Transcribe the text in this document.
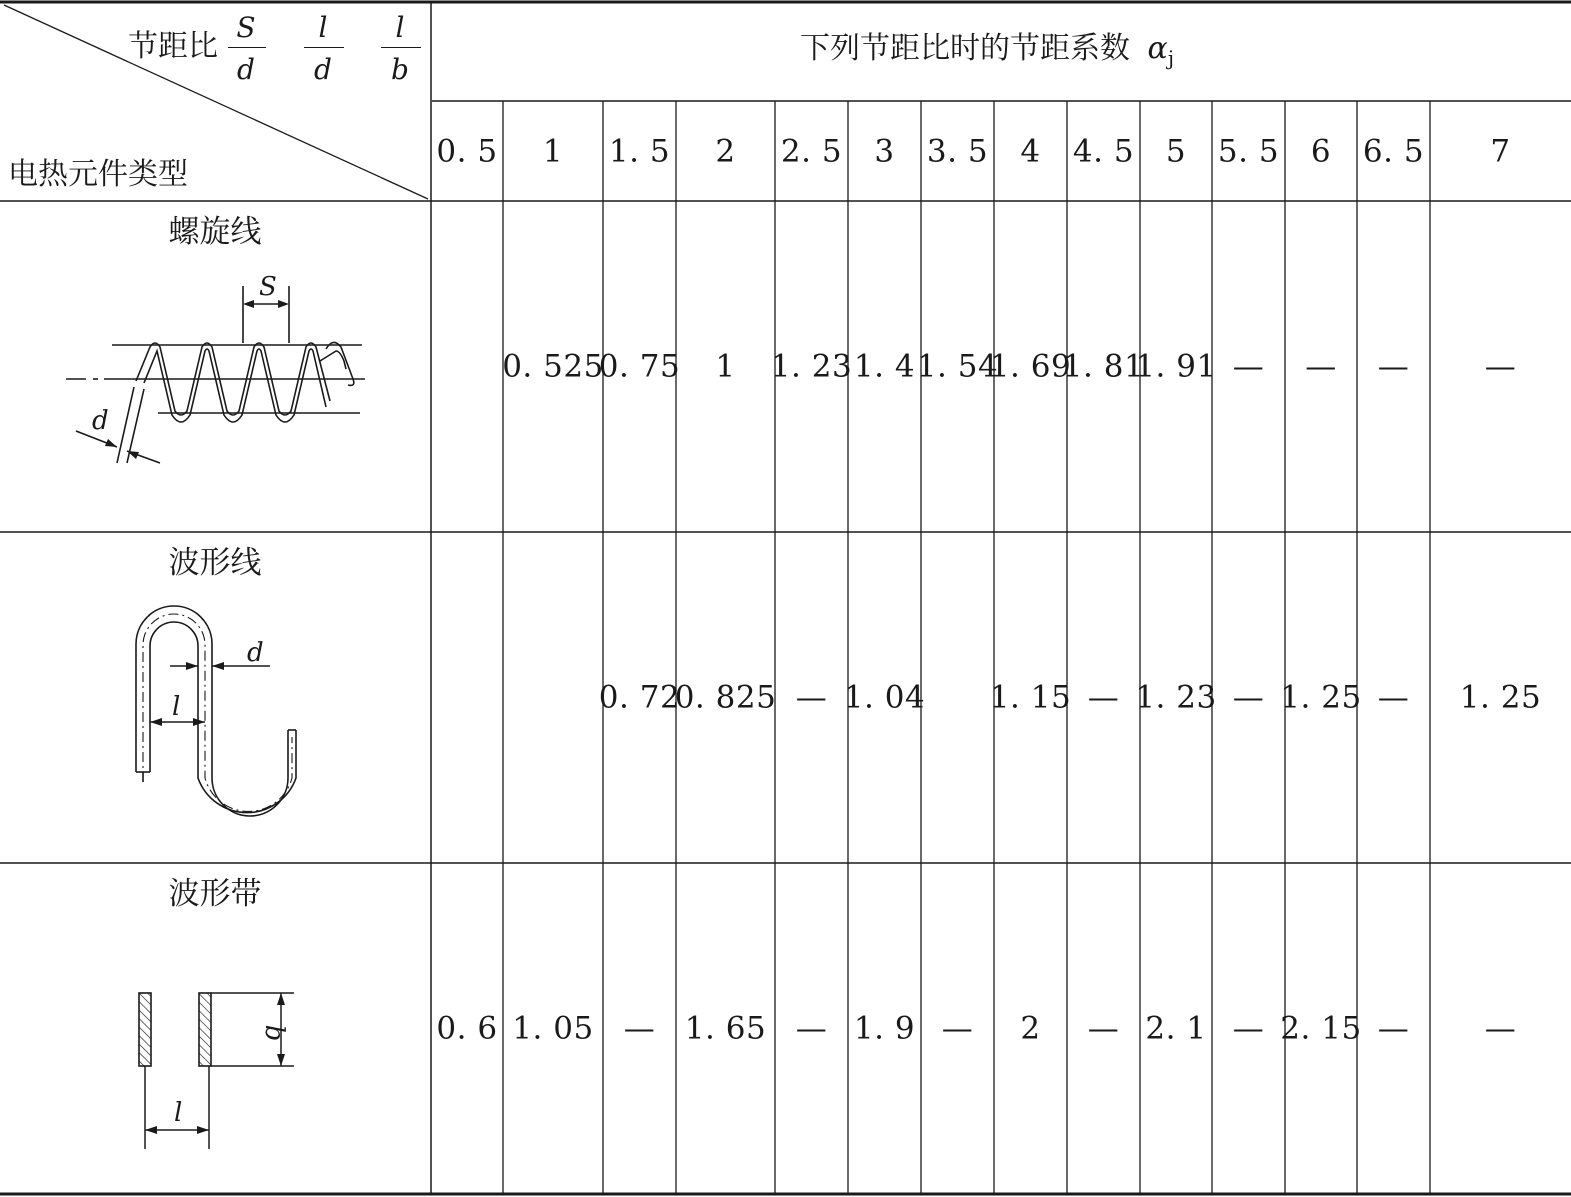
节距比
S
d
l
d
l
b
电热元件类型
下列节距比时的节距系数 $\alpha_j$
0. 5 1 1. 5 2 2. 5 3 3. 5 4 4. 5 5 5. 5 6 6. 5 7
螺旋线
波形线
波形带
S
d
d
l
b
l
0. 525
0. 75 1 1. 23 1. 4 1. 54
1. 69
1. 81
1. 91 — — — —
0. 72
0. 825 — 1. 04 1. 15 — 1. 23 — 1. 25 — 1. 25
0. 6 1. 05 — 1. 65 — 1. 9 — 2 — 2. 1 — 2. 15 — —
